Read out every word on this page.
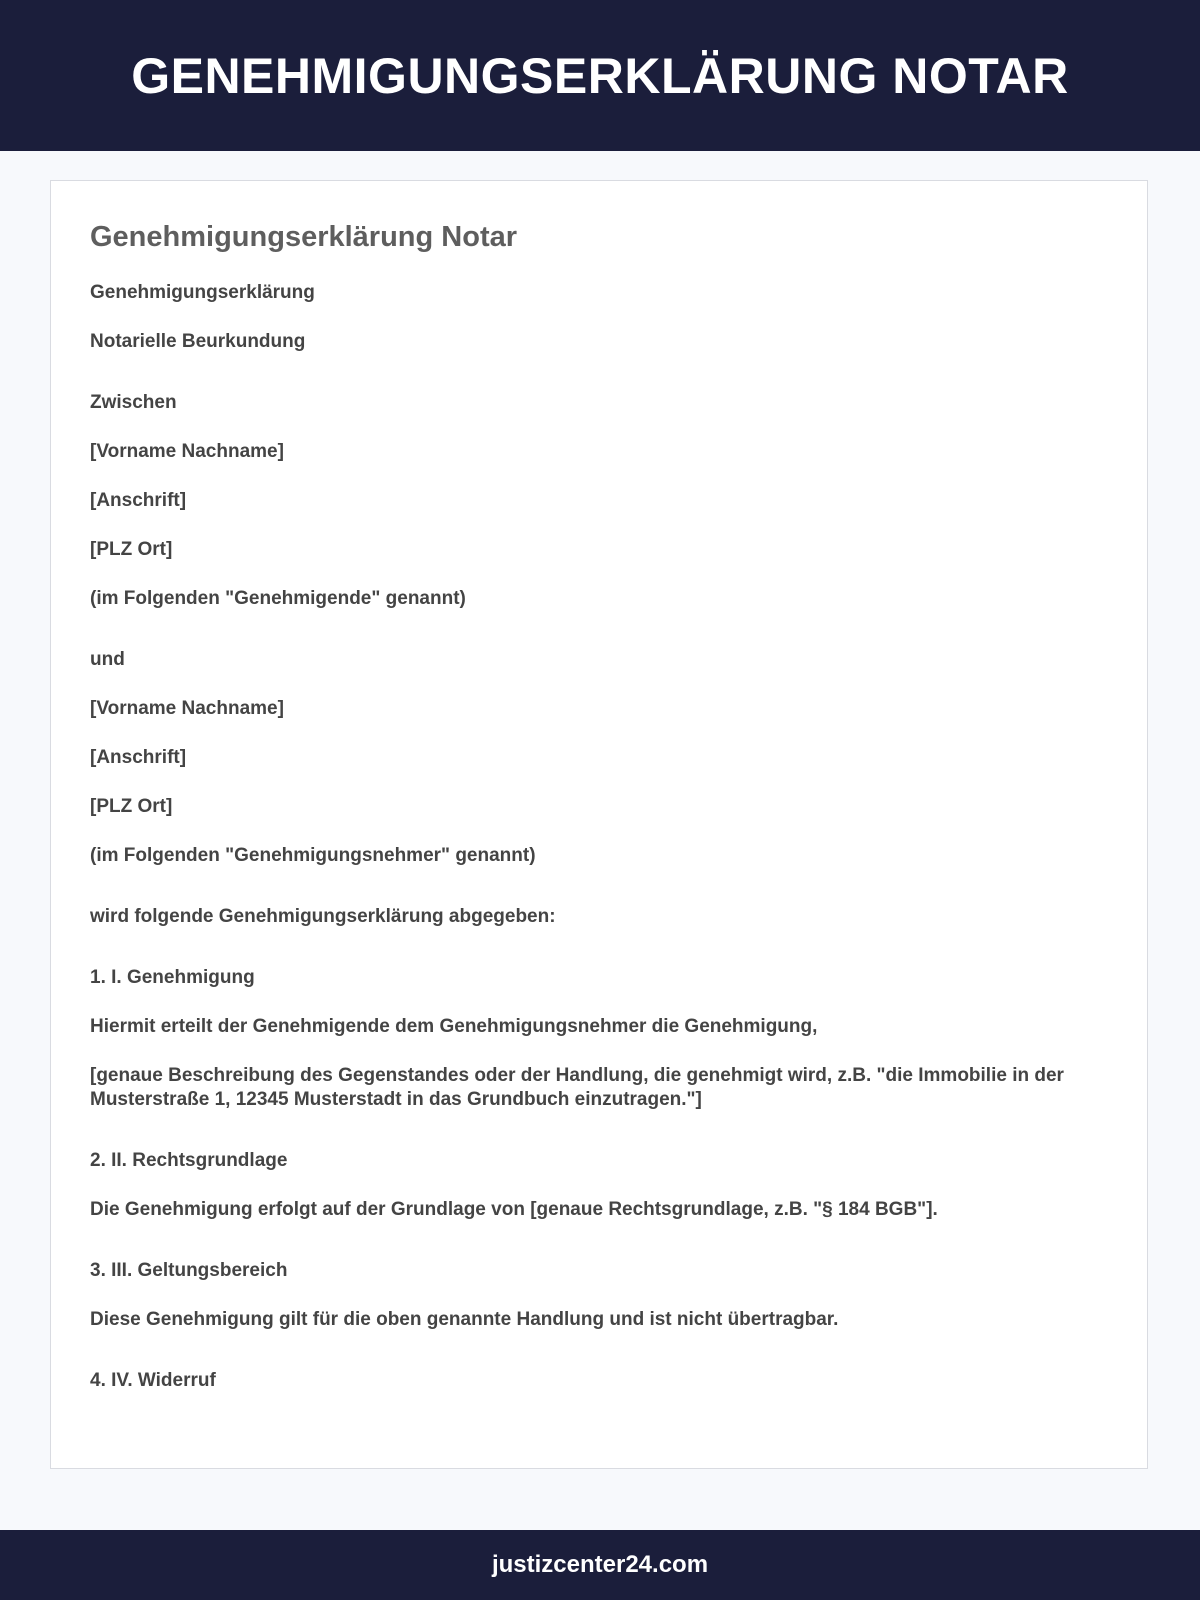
GENEHMIGUNGSERKLÄRUNG NOTAR
Genehmigungserklärung Notar

Genehmigungserklärung

Notarielle Beurkundung

Zwischen

[Vorname Nachname]

[Anschrift]

[PLZ Ort]

(im Folgenden "Genehmigende" genannt)

und

[Vorname Nachname]

[Anschrift]

[PLZ Ort]

(im Folgenden "Genehmigungsnehmer" genannt)

wird folgende Genehmigungserklärung abgegeben:

1. I. Genehmigung

Hiermit erteilt der Genehmigende dem Genehmigungsnehmer die Genehmigung,

[genaue Beschreibung des Gegenstandes oder der Handlung, die genehmigt wird, z.B. "die Immobilie in der Musterstraße 1, 12345 Musterstadt in das Grundbuch einzutragen."]

2. II. Rechtsgrundlage

Die Genehmigung erfolgt auf der Grundlage von [genaue Rechtsgrundlage, z.B. "§ 184 BGB"].

3. III. Geltungsbereich

Diese Genehmigung gilt für die oben genannte Handlung und ist nicht übertragbar.

4. IV. Widerruf

justizcenter24.com
